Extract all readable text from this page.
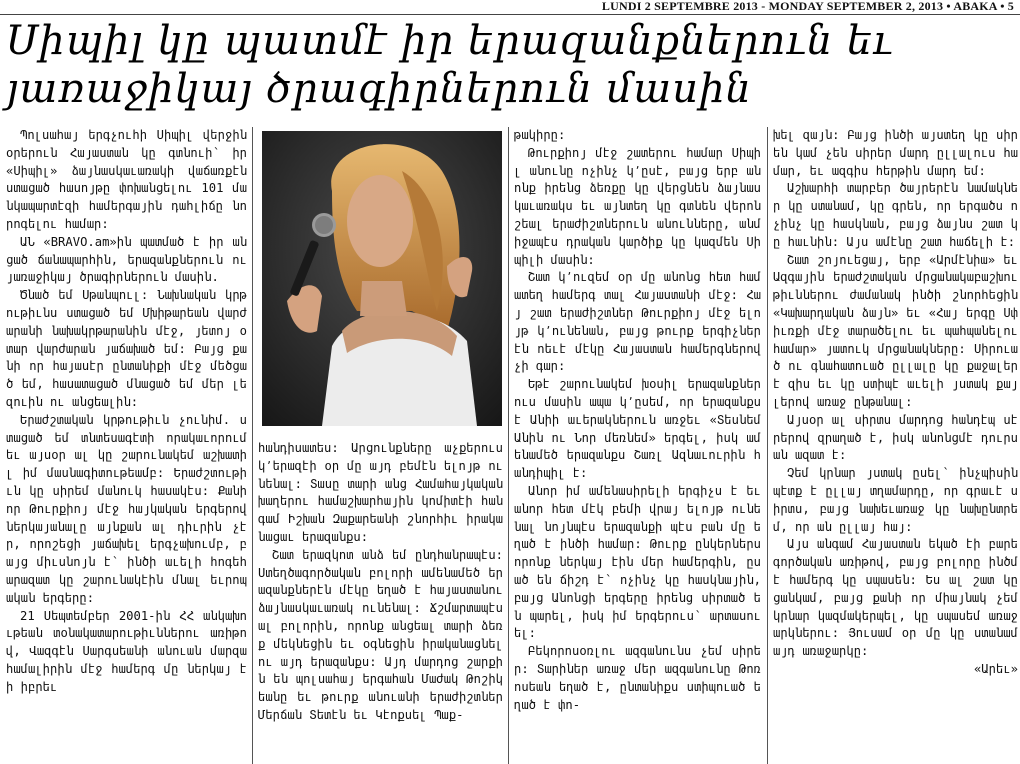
LUNDI 2 SEPTEMBRE 2013 - MONDAY SEPTEMBER 2, 2013 • ABAKA • 5
Սիպիլ կը պատմէ իր երազանքներուն եւ յառաջիկայ ծրագիրներուն մասին

Պոլսահայ երգչուհի Սիպիլ վերջին օրերուն Հայաստան կը գտնուի՝ իր «Սիպիլ» ձայնասկաւառակի վաճառքէն ստացած հասոյթը փոխանցելու 101 մանկապարտէզի համերգային դահլիճը նորոգելու համար:

ԱՆ «BRAVO.am»ին պատմած է իր անցած ճանապարհին, երազանքներուն ու յառաջիկայ ծրագիրներուն մասին.

Ծնած եմ Սթանպուլ: Նախնական կրթութիւնս ստացած եմ Մխիթարեան վարժարանի նախակրթարանին մէջ, յետոյ օտար վարժարան յաճախած եմ: Բայց քանի որ հայասէր ընտանիքի մէջ մեծցած եմ, հասատացած մնացած եմ մեր լեզուին ու անցեալին:

Երաժշտական կրթութիւն չունիմ. ստացած եմ տնտեսագէտի որակաւորում եւ այսօր ալ կը շարունակեմ աշխատիլ իմ մասնագիտութեամբ: Երաժշտութիւն կը սիրեմ մանուկ հասակէս: Քանի որ Թուրքիոյ մէջ հայկական երգերով ներկայանալը այնքան ալ դիւրին չէր, որոշեցի յաճախել երգչախումբ, բայց միւսնոյն է՝ ինծի աւելի հոգեհարազատ կը շարունակէին մնալ եւրոպական երգերը:

21 Սեպտեմբեր 2001-ին ՀՀ անկախութեան տօնակատարութիւններու առիթով, Վազգէն Սարգսեանի անուան մարզահամալիրին մէջ համերգ մը ներկայ էի իբրեւ

հանդիսատես: Արցունքները աչքերուս կ՚երազէի օր մը այդ բեմէն ելոյթ ունենալ: Տասը տարի անց Համահայկական խաղերու համաշխարհային կոմիտէի հանգամ Իշխան Զաքարեանի շնորհիւ իրականացաւ երազանքս:

Շատ երազկոտ անձ եմ ընդհանրապէս: Ստեղծագործական բոլորի ամենամեծ երազանքներէն մէկը եղած է հայաստանու ձայնասկաւառակ ունենալ: Ճշմարտապէս ալ բոլորին, որոնք անցեալ տարի ձեռք մեկնեցին եւ օգնեցին իրականացնելու այդ երազանքս: Այդ մարդոց շարքին են պոլսահայ երգահան Մաժակ Թոշիկեանը եւ թուրք անուանի երաժիշտներ Մերճան Տետէն եւ Կէոքսել Պաք-

թակիրը:

Թուրքիոյ մէջ շատերու համար Սիպիլ անունը ոչինչ կ՚ըսէ, բայց երբ անոնք իրենց ձեռքը կը վերցնեն ձայնասկաւառակս եւ այնտեղ կը գտնեն վերոնշեալ երաժիշտներուն անունները, անմիջապէս դրական կարծիք կը կազմեն Սիպիլի մասին:

Շատ կ՚ուզեմ օր մը անոնց հետ համատեղ համերգ տալ Հայաստանի մէջ: Հայ շատ երաժիշտներ Թուրքիոյ մէջ ելոյթ կ՚ունենան, բայց թուրք երգիչներէն ոեւէ մէկը Հայաստան համերգներով չի գար:

Եթէ շարունակեմ խօսիլ երազանքներուս մասին ապա կ՚ըսեմ, որ երազանքս է Անիի աւերակներուն առջեւ «Տեսնեմ Անին ու Նոր մեռնեմ» երգել, իսկ ամենամեծ երազանքս Շառլ Ազնաւուրին հանդիպիլ է:

Անոր իմ ամենասիրելի երգիչս է եւ անոր հետ մէկ բեմի վրայ ելոյթ ունենալ նոյնպէս երազանքի պէս բան մը եղած է ինծի համար: Թուրք ընկերներս որոնք ներկայ էին մեր համերգին, ըսած են ճիշդ է՝ ոչինչ կը հասկնային, բայց Անոնցի երգերը իրենց սիրտած են պարել, իսկ իմ երգերուս՝ արտասուել:

Բեկորոսօռլու ազգանունս չեմ սիրեր: Տարիներ առաջ մեր ազգանունը Թոռոսեան եղած է, ընտանիքս ստիպուած եղած է փո-

խել զայն: Բայց ինծի այստեղ կը սիրեն կամ չեն սիրեր մարդ ըլլալուս համար, եւ ազգիս հերթին մարդ եմ:

Աշխարհի տարբեր ծայրերէն նամակներ կը ստանամ, կը գրեն, որ երգածս ոչինչ կը հասկնան, բայց ձայնս շատ կը հաւնին: Այս ամէնը շատ հաճելի է:

Շատ շոյուեցայ, երբ «Արմէնիա» եւ Ազգային երաժշտական մրցանակաբաշխութիւններու ժամանակ ինծի շնորհեցին «Կախարդական ձայն» եւ «Հայ երգը Սփիւռքի մէջ տարածելու եւ պահպանելու համար» յատուկ մրցանակները: Սիրուած ու գնահատուած ըլլալը կը քաջալերէ զիս եւ կը ստիպէ աւելի յստակ քայլերով առաջ ընթանալ:

Այսօր ալ սիրտս մարդոց հանդէպ սէրերով զրաղած է, իսկ անոնցմէ դուրս ան ազատ է:

Չեմ կրնար յստակ ըսել՝ ինչպիսին պէտք է ըլլայ տղամարդը, որ գրաւէ սիրտս, բայց նախեւառաջ կը նախընտրեմ, որ ան ըլլայ հայ:

Այս անգամ Հայաստան եկած էի բարեգործական առիթով, բայց բոլորը ինծմէ համերգ կը սպասեն: Ես ալ շատ կը ցանկամ, բայց քանի որ միայնակ չեմ կրնար կազմակերպել, կը սպասեմ առաջարկներու: Յուսամ օր մը կը ստանամ այդ առաջարկը:

«Արեւ»
